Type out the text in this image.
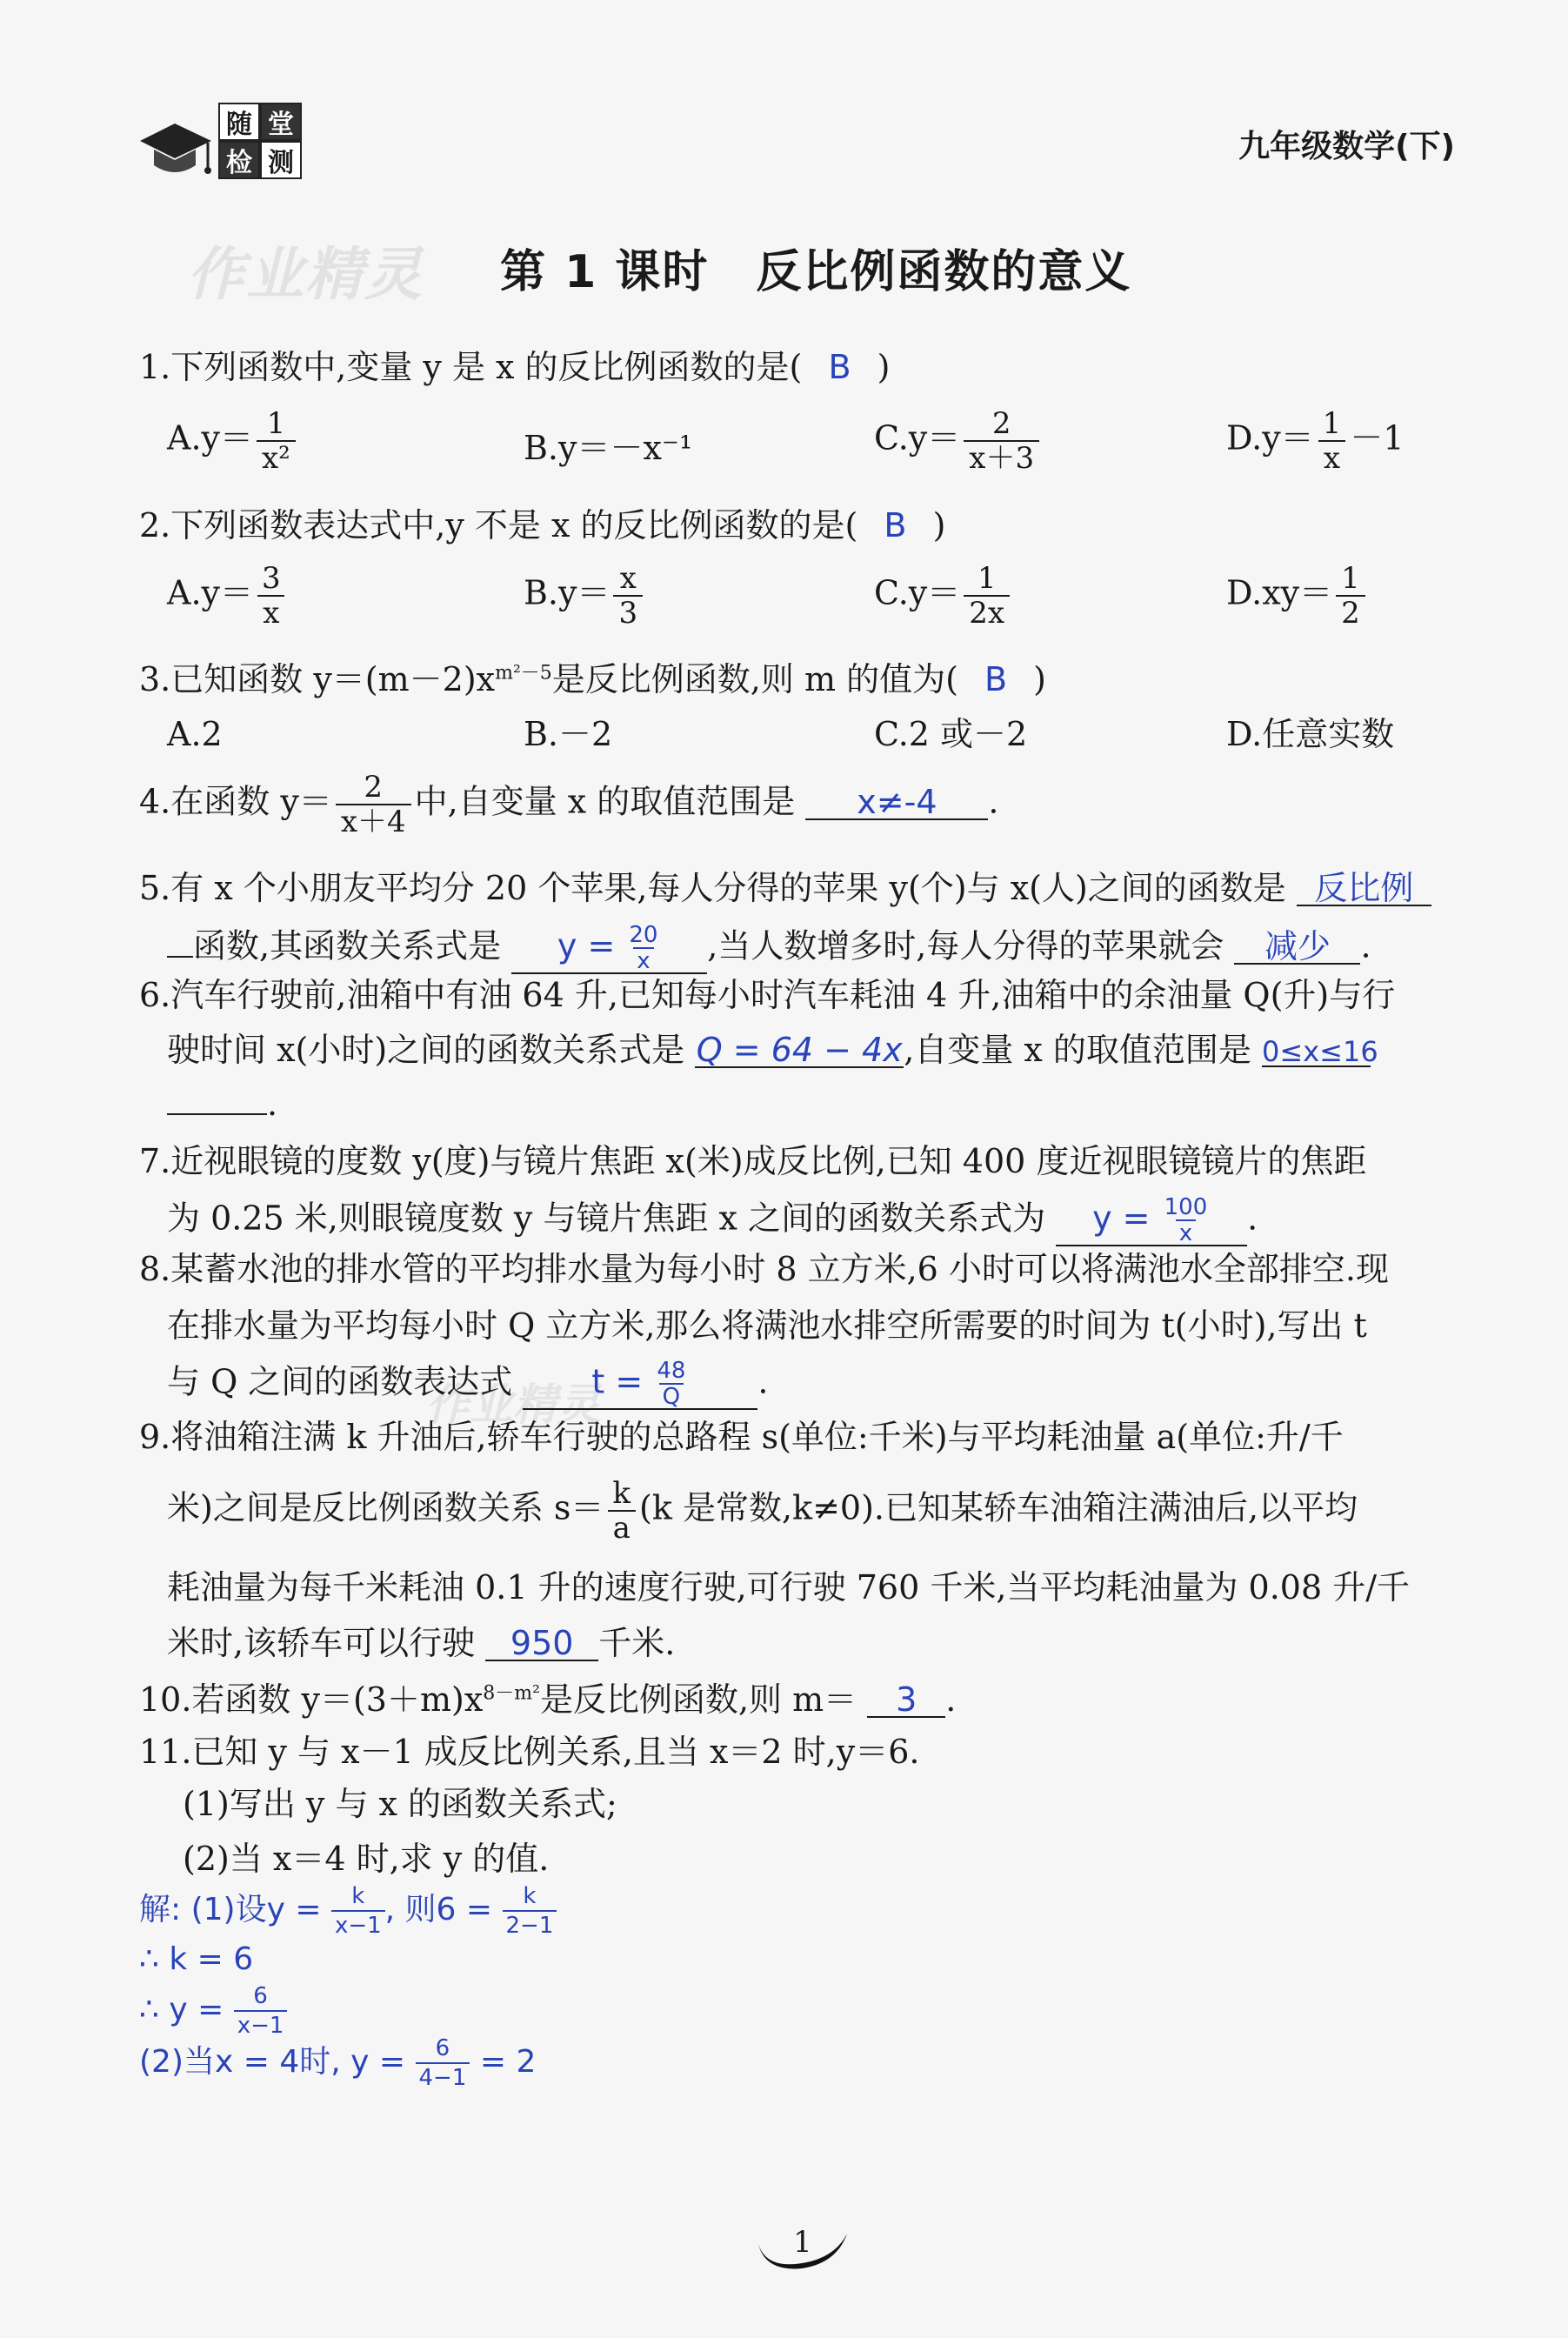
随 堂
检 测	九年级数学(下)
作业精灵
作业精灵
第 1 课时　反比例函数的意义
1.下列函数中,变量 y 是 x 的反比例函数的是( B )
$A.y= \frac{1}{\text{x²}}$	B.y＝－x⁻¹	$C.y= \frac{2}{x+3}$	$D.y= \frac{1}{x} -1$
2.下列函数表达式中,y 不是 x 的反比例函数的是( B )
$A.y= \frac{3}{x}$	$B.y= \frac{x}{3}$	$C.y= \frac{1}{2x}$	$D.xy= \frac{1}{2}$
3.已知函数 $y=(m-2)x^{m^2-5}$是反比例函数,则 m 的值为( B )
A.2	B.－2	C.2 或－2	D.任意实数
4.在函数 $y= \frac{2}{x+4}$ 中,自变量 x 的取值范围是 x≠-4 .
5.有 x 个小朋友平均分 20 个苹果,每人分得的苹果 y(个)与 x(人)之间的函数是 反比例
函数,其函数关系式是 $y = \frac{20}{x}$ ,当人数增多时,每人分得的苹果就会 减少 .
6.汽车行驶前,油箱中有油 64 升,已知每小时汽车耗油 4 升,油箱中的余油量 Q(升)与行
驶时间 x(小时)之间的函数关系式是 Q = 64 − 4x,自变量 x 的取值范围是 0≤x≤16
.
7.近视眼镜的度数 y(度)与镜片焦距 x(米)成反比例,已知 400 度近视眼镜镜片的焦距
为 0.25 米,则眼镜度数 y 与镜片焦距 x 之间的函数关系式为 $y = \frac{100}{x}$ .
8.某蓄水池的排水管的平均排水量为每小时 8 立方米,6 小时可以将满池水全部排空.现
在排水量为平均每小时 Q 立方米,那么将满池水排空所需要的时间为 t(小时),写出 t
与 Q 之间的函数表达式 $t = \frac{48}{Q}$ .
9.将油箱注满 k 升油后,轿车行驶的总路程 s(单位:千米)与平均耗油量 a(单位:升/千
米)之间是反比例函数关系 $s= \frac{k}{a} (k$ 是常数,k≠0).已知某轿车油箱注满油后,以平均
耗油量为每千米耗油 0.1 升的速度行驶,可行驶 760 千米,当平均耗油量为 0.08 升/千
米时,该轿车可以行驶 950 千米.
10.若函数 $y=(3+m)x^{8-m^2}$是反比例函数,则 m＝ 3 .
11.已知 y 与 x－1 成反比例关系,且当 x＝2 时,y＝6.
(1)写出 y 与 x 的函数关系式;
(2)当 x＝4 时,求 y 的值.
解: (1)设$y = \frac{k}{x-1}$ , 则$6 = \frac{k}{2-1}$
∴ k = 6
∴ $y = \frac{6}{x-1}$
(2)当x = 4时, $y = \frac{6}{4-1} = 2$
1
